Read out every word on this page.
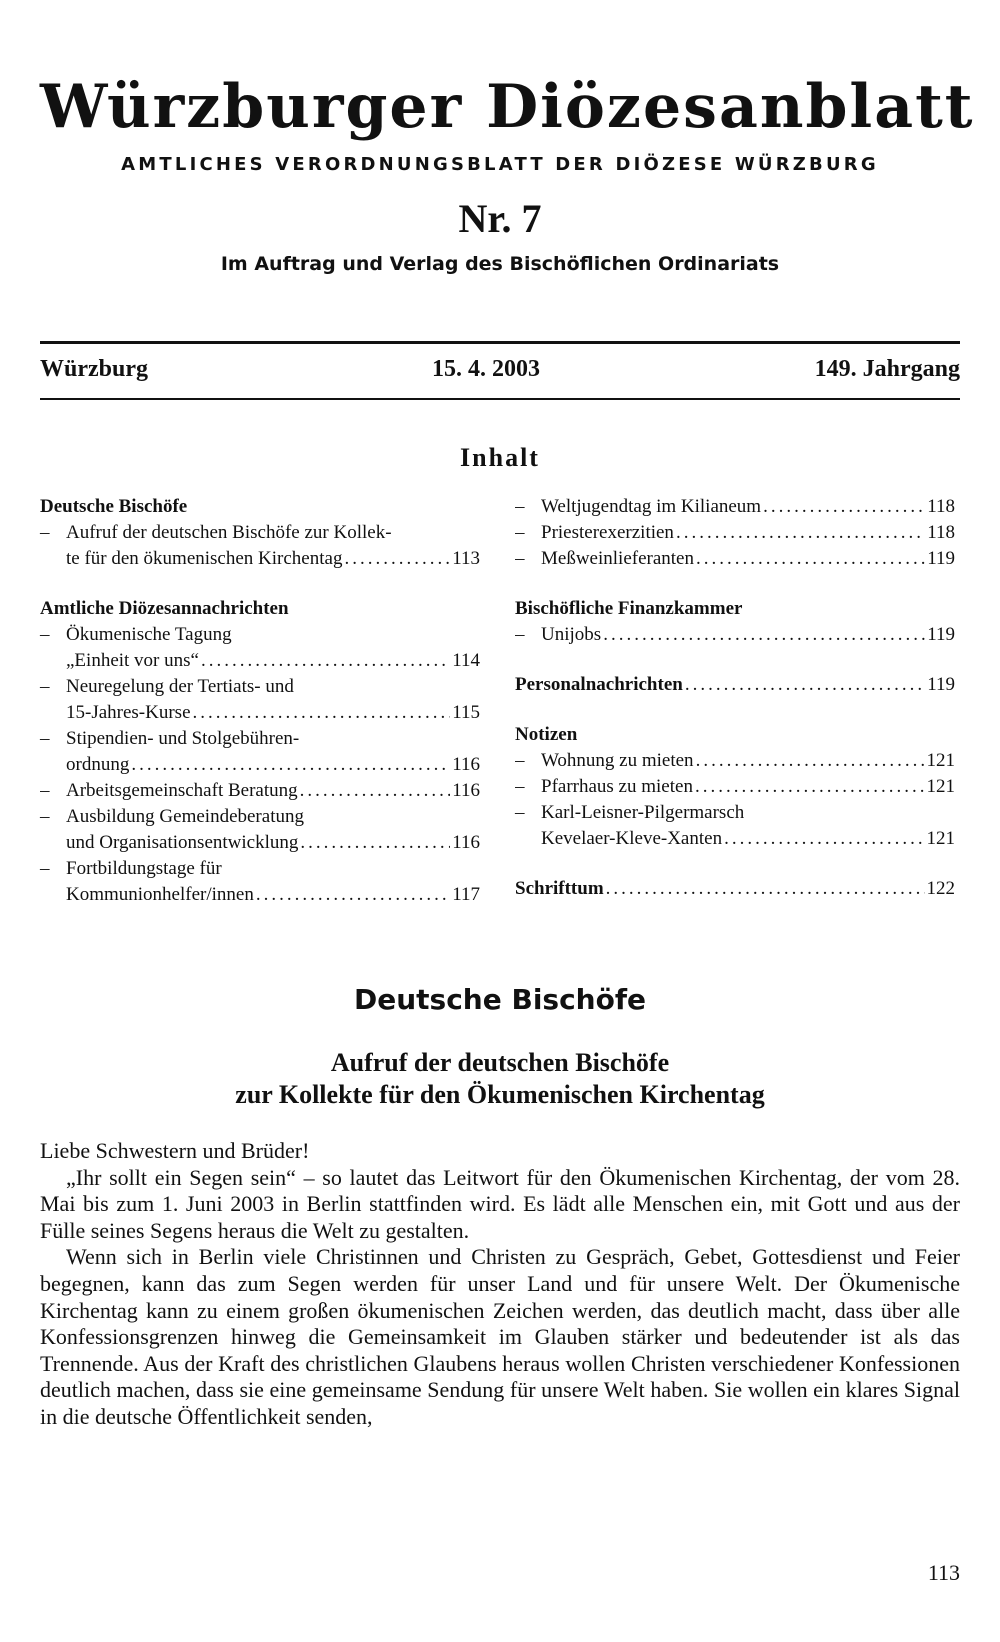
Würzburger Diözesanblatt
AMTLICHES VERORDNUNGSBLATT DER DIÖZESE WÜRZBURG
Nr. 7
Im Auftrag und Verlag des Bischöflichen Ordinariats
Würzburg	15. 4. 2003	149. Jahrgang
Inhalt
Deutsche Bischöfe
– Aufruf der deutschen Bischöfe zur Kollek-
te für den ökumenischen Kirchentag .....	113
Amtliche Diözesannachrichten
– Ökumenische Tagung
„Einheit vor uns“ .....	114
– Neuregelung der Tertiats- und
15-Jahres-Kurse .....	115
– Stipendien- und Stolgebühren-
ordnung .....	116
– Arbeitsgemeinschaft Beratung .....	116
– Ausbildung Gemeindeberatung
und Organisationsentwicklung .....	116
– Fortbildungstage für
Kommunionhelfer/innen .....	117
– Weltjugendtag im Kilianeum .....	118
– Priesterexerzitien .....	118
– Meßweinlieferanten .....	119
Bischöfliche Finanzkammer
– Unijobs .....	119
Personalnachrichten .....	119
Notizen
– Wohnung zu mieten .....	121
– Pfarrhaus zu mieten .....	121
– Karl-Leisner-Pilgermarsch
Kevelaer-Kleve-Xanten .....	121
Schrifttum .....	122
Deutsche Bischöfe
Aufruf der deutschen Bischöfe
zur Kollekte für den Ökumenischen Kirchentag

Liebe Schwestern und Brüder!

„Ihr sollt ein Segen sein“ – so lautet das Leitwort für den Ökumenischen Kirchentag, der vom 28. Mai bis zum 1. Juni 2003 in Berlin stattfinden wird. Es lädt alle Menschen ein, mit Gott und aus der Fülle seines Segens heraus die Welt zu gestalten.

Wenn sich in Berlin viele Christinnen und Christen zu Gespräch, Gebet, Gottesdienst und Feier begegnen, kann das zum Segen werden für unser Land und für unsere Welt. Der Ökumenische Kirchentag kann zu einem großen ökumenischen Zeichen werden, das deutlich macht, dass über alle Konfessionsgrenzen hinweg die Gemeinsamkeit im Glauben stärker und bedeutender ist als das Trennende. Aus der Kraft des christlichen Glaubens heraus wollen Christen verschiedener Konfessionen deutlich machen, dass sie eine gemeinsame Sendung für unsere Welt haben. Sie wollen ein klares Signal in die deutsche Öffentlichkeit senden,

113
